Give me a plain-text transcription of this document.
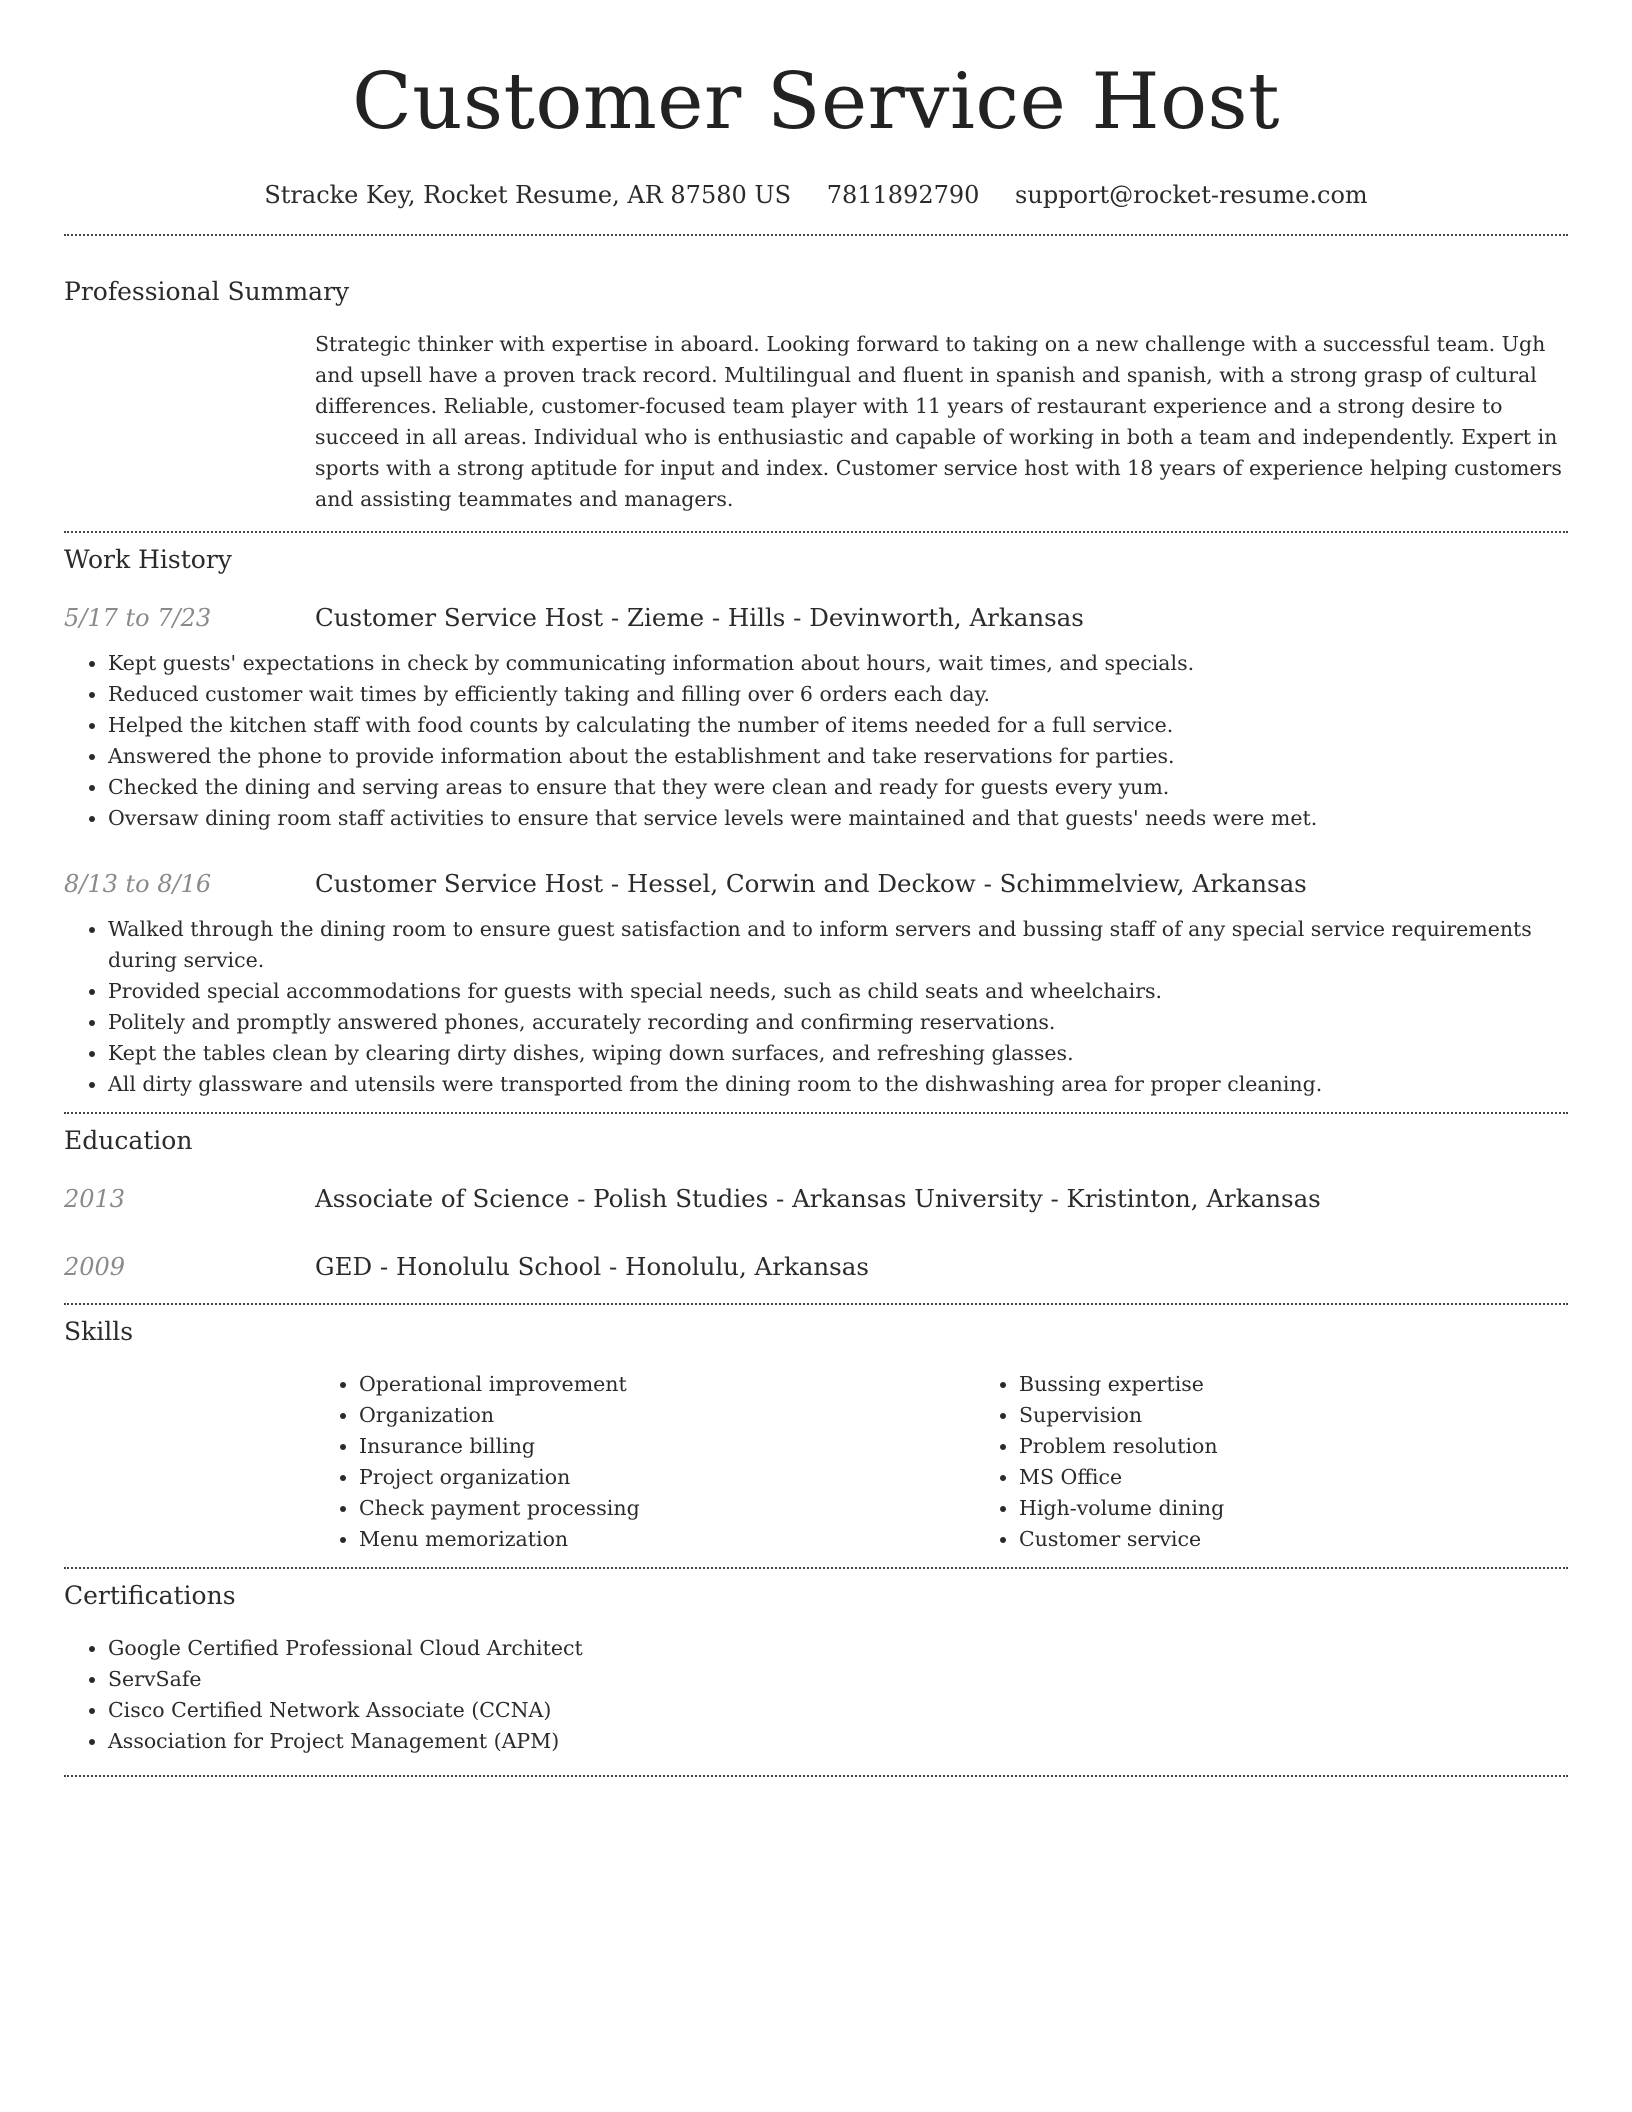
Customer Service Host
Stracke Key, Rocket Resume, AR 87580 US 7811892790 support@rocket-resume.com
Professional Summary
Strategic thinker with expertise in aboard. Looking forward to taking on a new challenge with a successful team. Ugh and upsell have a proven track record. Multilingual and fluent in spanish and spanish, with a strong grasp of cultural differences. Reliable, customer-focused team player with 11 years of restaurant experience and a strong desire to succeed in all areas. Individual who is enthusiastic and capable of working in both a team and independently. Expert in sports with a strong aptitude for input and index. Customer service host with 18 years of experience helping customers and assisting teammates and managers.
Work History
5/17 to 7/23	Customer Service Host - Zieme - Hills - Devinworth, Arkansas
• Kept guests' expectations in check by communicating information about hours, wait times, and specials.
• Reduced customer wait times by efficiently taking and filling over 6 orders each day.
• Helped the kitchen staff with food counts by calculating the number of items needed for a full service.
• Answered the phone to provide information about the establishment and take reservations for parties.
• Checked the dining and serving areas to ensure that they were clean and ready for guests every yum.
• Oversaw dining room staff activities to ensure that service levels were maintained and that guests' needs were met.
8/13 to 8/16	Customer Service Host - Hessel, Corwin and Deckow - Schimmelview, Arkansas
• Walked through the dining room to ensure guest satisfaction and to inform servers and bussing staff of any special service requirements during service.
• Provided special accommodations for guests with special needs, such as child seats and wheelchairs.
• Politely and promptly answered phones, accurately recording and confirming reservations.
• Kept the tables clean by clearing dirty dishes, wiping down surfaces, and refreshing glasses.
• All dirty glassware and utensils were transported from the dining room to the dishwashing area for proper cleaning.
Education
2013	Associate of Science - Polish Studies - Arkansas University - Kristinton, Arkansas
2009	GED - Honolulu School - Honolulu, Arkansas
Skills
• Operational improvement
• Organization
• Insurance billing
• Project organization
• Check payment processing
• Menu memorization
• Bussing expertise
• Supervision
• Problem resolution
• MS Office
• High-volume dining
• Customer service
Certifications
• Google Certified Professional Cloud Architect
• ServSafe
• Cisco Certified Network Associate (CCNA)
• Association for Project Management (APM)
